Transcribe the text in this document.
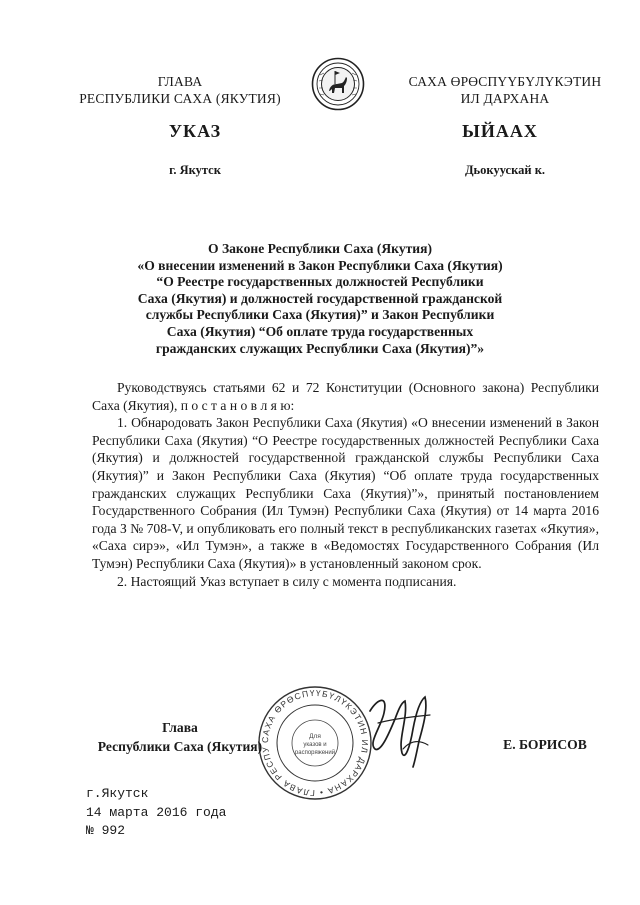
ГЛАВА
РЕСПУБЛИКИ САХА (ЯКУТИЯ)
САХА ӨРӨСПҮҮБҮЛҮКЭТИН
ИЛ ДАРХАНА
УКАЗ	ЫЙААХ
г. Якутск	Дьокуускай к.
О Законе Республики Саха (Якутия)
«О внесении изменений в Закон Республики Саха (Якутия)
“О Реестре государственных должностей Республики
Саха (Якутия) и должностей государственной гражданской
службы Республики Саха (Якутия)” и Закон Республики
Саха (Якутия) “Об оплате труда государственных
гражданских служащих Республики Саха (Якутия)”»

Руководствуясь статьями 62 и 72 Конституции (Основного закона) Республики Саха (Якутия), п о с т а н о в л я ю:

1. Обнародовать Закон Республики Саха (Якутия) «О внесении изменений в Закон Республики Саха (Якутия) “О Реестре государственных должностей Республики Саха (Якутия) и должностей государственной гражданской службы Республики Саха (Якутия)” и Закон Республики Саха (Якутия) “Об оплате труда государственных гражданских служащих Республики Саха (Якутия)”», принятый постановлением Государственного Собрания (Ил Тумэн) Республики Саха (Якутия) от 14 марта 2016 года З № 708-V, и опубликовать его полный текст в республиканских газетах «Якутия», «Саха сирэ», «Ил Тумэн», а также в «Ведомостях Государственного Собрания (Ил Тумэн) Республики Саха (Якутия)» в установленный законом срок.

2. Настоящий Указ вступает в силу с момента подписания.

САХА ӨРӨСПҮҮБҮЛҮКЭТИН ИЛ ДАРХАНА • ГЛАВА РЕСПУ
Для
указов и
распоряжений
Глава
Республики Саха (Якутия)	Е. БОРИСОВ
г.Якутск
14 марта 2016 года
№ 992
